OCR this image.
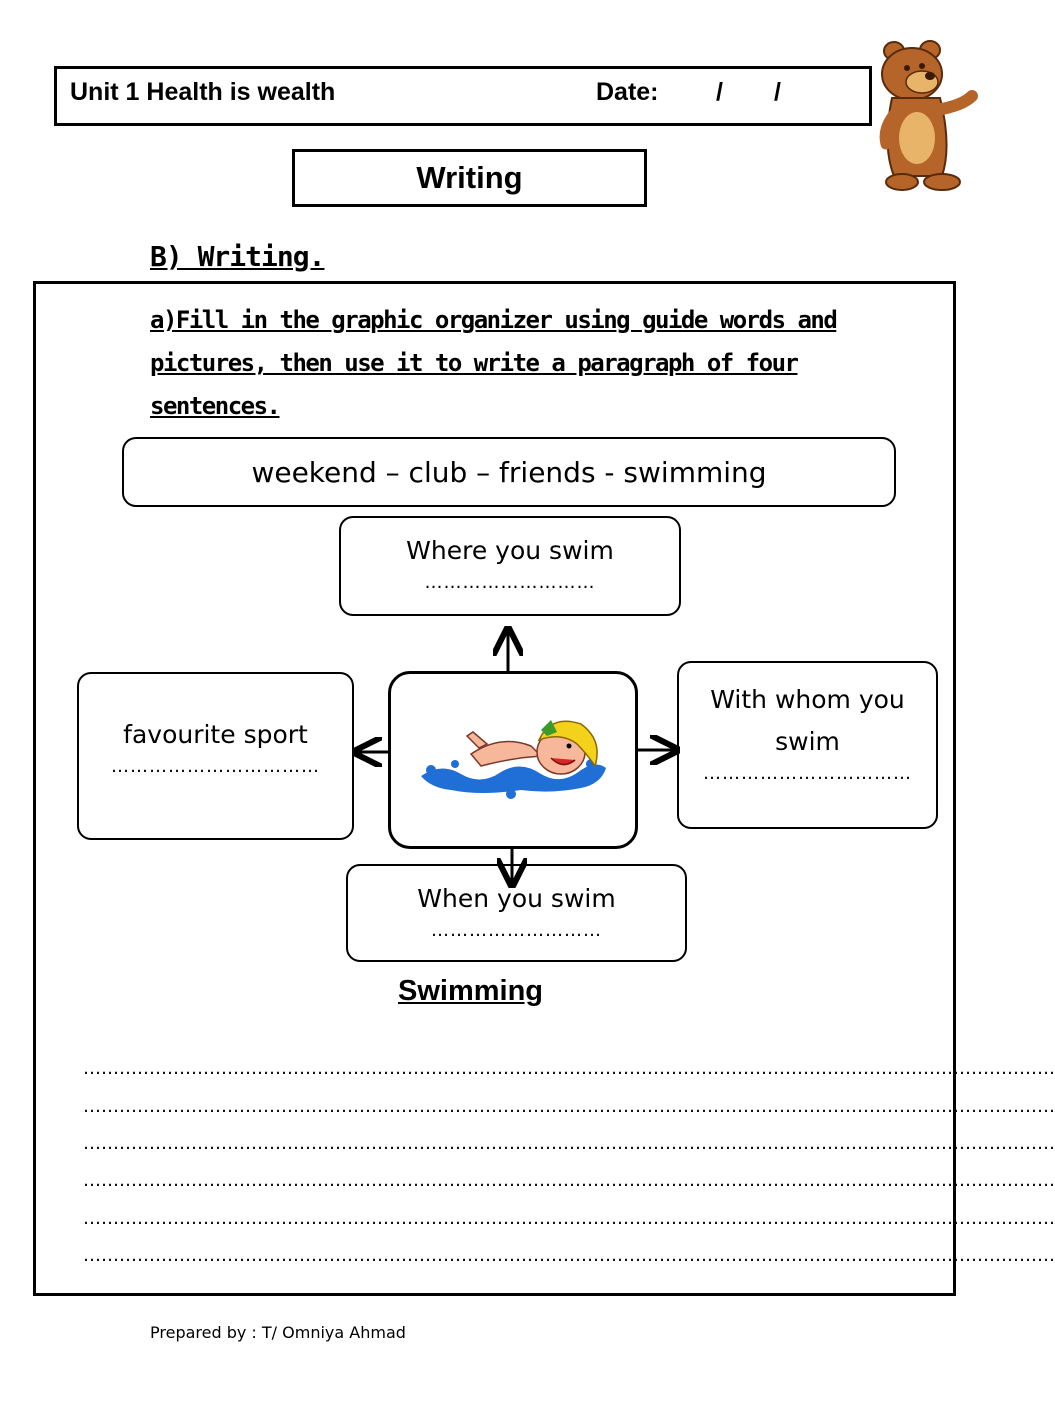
Unit 1 Health is wealth	Date: / /
Writing
B) Writing.
a)Fill in the graphic organizer using guide words and
pictures, then use it to write a paragraph of four
sentences.
weekend – club – friends - swimming
Where you swim
………………………
favourite sport
……………………………
With whom you
swim
……………………………
When you swim
………………………
Swimming
………………………………………………………………………………………………………………………………………………
………………………………………………………………………………………………………………………………………………
………………………………………………………………………………………………………………………………………………
………………………………………………………………………………………………………………………………………………
………………………………………………………………………………………………………………………………………………
………………………………………………………………………………………………………………………………………………
Prepared by : T/ Omniya Ahmad
